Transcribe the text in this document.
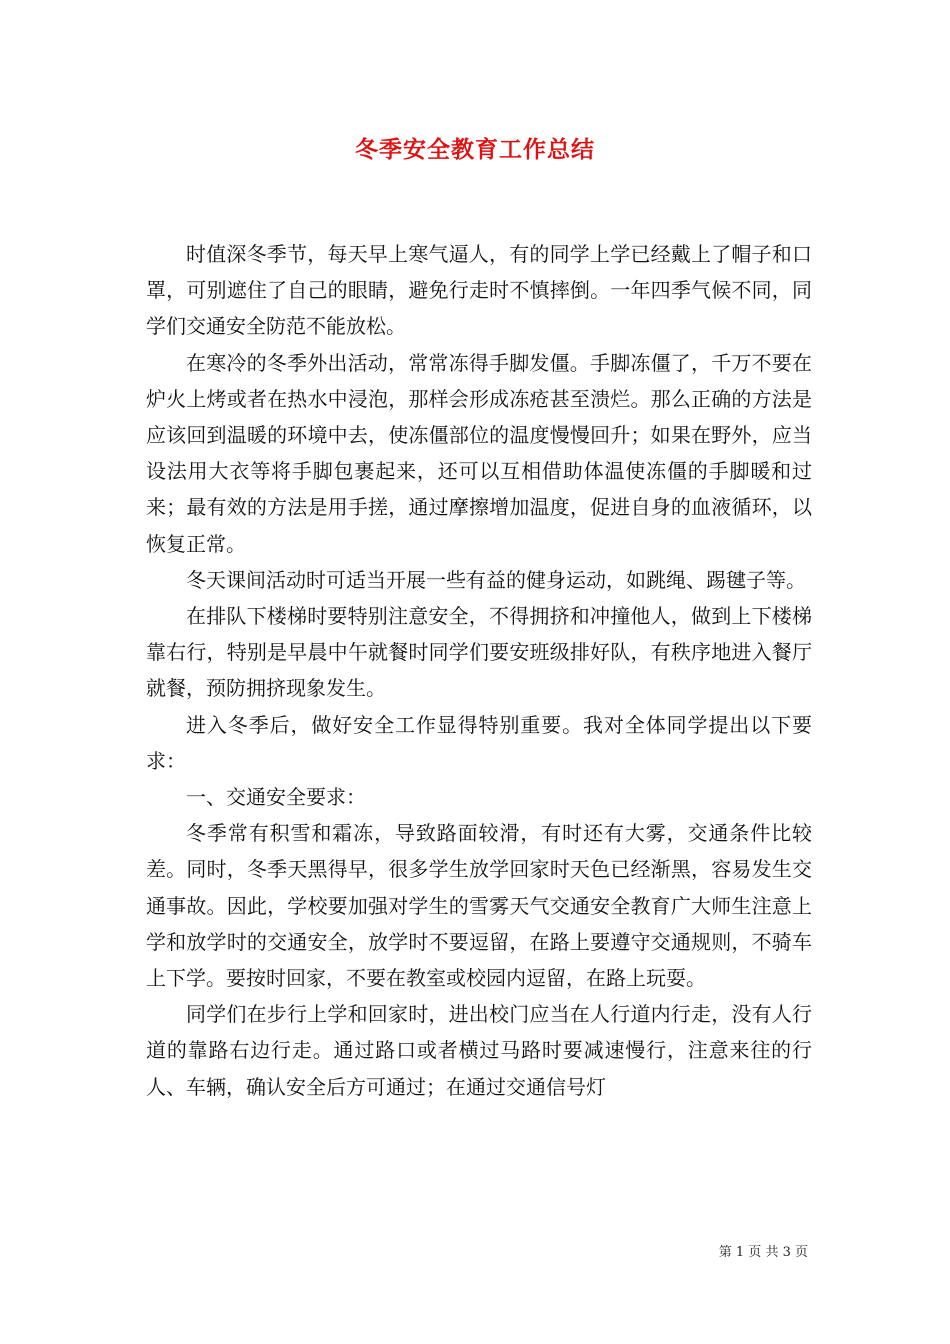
冬季安全教育工作总结

时值深冬季节，每天早上寒气逼人，有的同学上学已经戴上了帽子和口罩，可别遮住了自己的眼睛，避免行走时不慎摔倒。一年四季气候不同，同学们交通安全防范不能放松。

在寒冷的冬季外出活动，常常冻得手脚发僵。手脚冻僵了，千万不要在炉火上烤或者在热水中浸泡，那样会形成冻疮甚至溃烂。那么正确的方法是应该回到温暖的环境中去，使冻僵部位的温度慢慢回升；如果在野外，应当设法用大衣等将手脚包裹起来，还可以互相借助体温使冻僵的手脚暖和过来；最有效的方法是用手搓，通过摩擦增加温度，促进自身的血液循环，以恢复正常。

冬天课间活动时可适当开展一些有益的健身运动，如跳绳、踢毽子等。

在排队下楼梯时要特别注意安全，不得拥挤和冲撞他人，做到上下楼梯靠右行，特别是早晨中午就餐时同学们要安班级排好队，有秩序地进入餐厅就餐，预防拥挤现象发生。

进入冬季后，做好安全工作显得特别重要。我对全体同学提出以下要求：

一、交通安全要求：

冬季常有积雪和霜冻，导致路面较滑，有时还有大雾，交通条件比较差。同时，冬季天黑得早，很多学生放学回家时天色已经渐黑，容易发生交通事故。因此，学校要加强对学生的雪雾天气交通安全教育广大师生注意上学和放学时的交通安全，放学时不要逗留，在路上要遵守交通规则，不骑车上下学。要按时回家，不要在教室或校园内逗留，在路上玩耍。

同学们在步行上学和回家时，进出校门应当在人行道内行走，没有人行道的靠路右边行走。通过路口或者横过马路时要减速慢行，注意来往的行人、车辆，确认安全后方可通过；在通过交通信号灯

第 1 页 共 3 页
